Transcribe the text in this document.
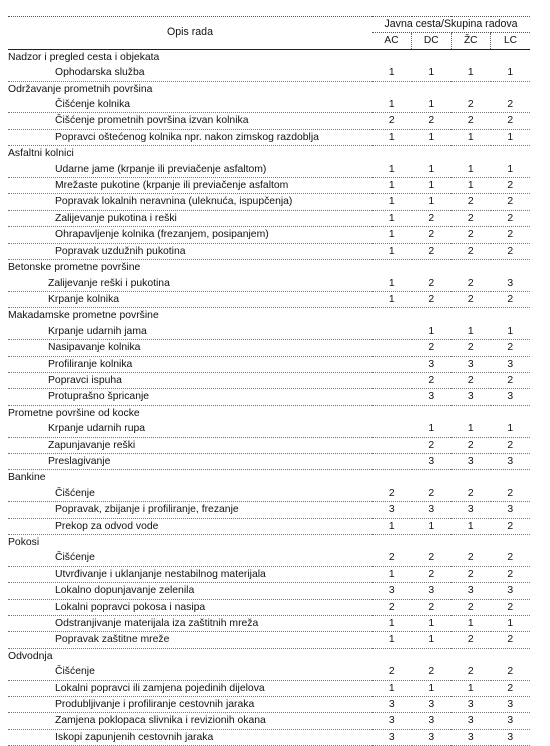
Opis rada	Javna cesta/Skupina radova			
	AC	DC	ŽC	LC
Nadzor i pregled cesta i objekata				
Ophodarska služba	1	1	1	1
Održavanje prometnih površina				
Čišćenje kolnika	1	1	2	2
Čišćenje prometnih površina izvan kolnika	2	2	2	2
Popravci oštećenog kolnika npr. nakon zimskog razdoblja	1	1	1	1
Asfaltni kolnici				
Udarne jame (krpanje ili previačenje asfaltom)	1	1	1	1
Mrežaste pukotine (krpanje ili previačenje asfaltom	1	1	1	2
Popravak lokalnih neravnina (uleknuća, ispupčenja)	1	1	2	2
Zalijevanje pukotina i reški	1	2	2	2
Ohrapavljenje kolnika (frezanjem, posipanjem)	1	2	2	2
Popravak uzdužnih pukotina	1	2	2	2
Betonske prometne površine				
Zalijevanje reški i pukotina	1	2	2	3
Krpanje kolnika	1	2	2	2
Makadamske prometne površine				
Krpanje udarnih jama		1	1	1
Nasipavanje kolnika		2	2	2
Profiliranje kolnika		3	3	3
Popravci ispuha		2	2	2
Protuprašno špricanje		3	3	3
Prometne površine od kocke				
Krpanje udarnih rupa		1	1	1
Zapunjavanje reški		2	2	2
Preslagivanje		3	3	3
Bankine				
Čišćenje	2	2	2	2
Popravak, zbijanje i profiliranje, frezanje	3	3	3	3
Prekop za odvod vode	1	1	1	2
Pokosi				
Čišćenje	2	2	2	2
Utvrđivanje i uklanjanje nestabilnog materijala	1	2	2	2
Lokalno dopunjavanje zelenila	3	3	3	3
Lokalni popravci pokosa i nasipa	2	2	2	2
Odstranjivanje materijala iza zaštitnih mreža	1	1	1	1
Popravak zaštitne mreže	1	1	2	2
Odvodnja				
Čišćenje	2	2	2	2
Lokalni popravci ili zamjena pojedinih dijelova	1	1	1	2
Produbljivanje i profiliranje cestovnih jaraka	3	3	3	3
Zamjena poklopaca slivnika i revizionih okana	3	3	3	3
Iskopi zapunjenih cestovnih jaraka	3	3	3	3
